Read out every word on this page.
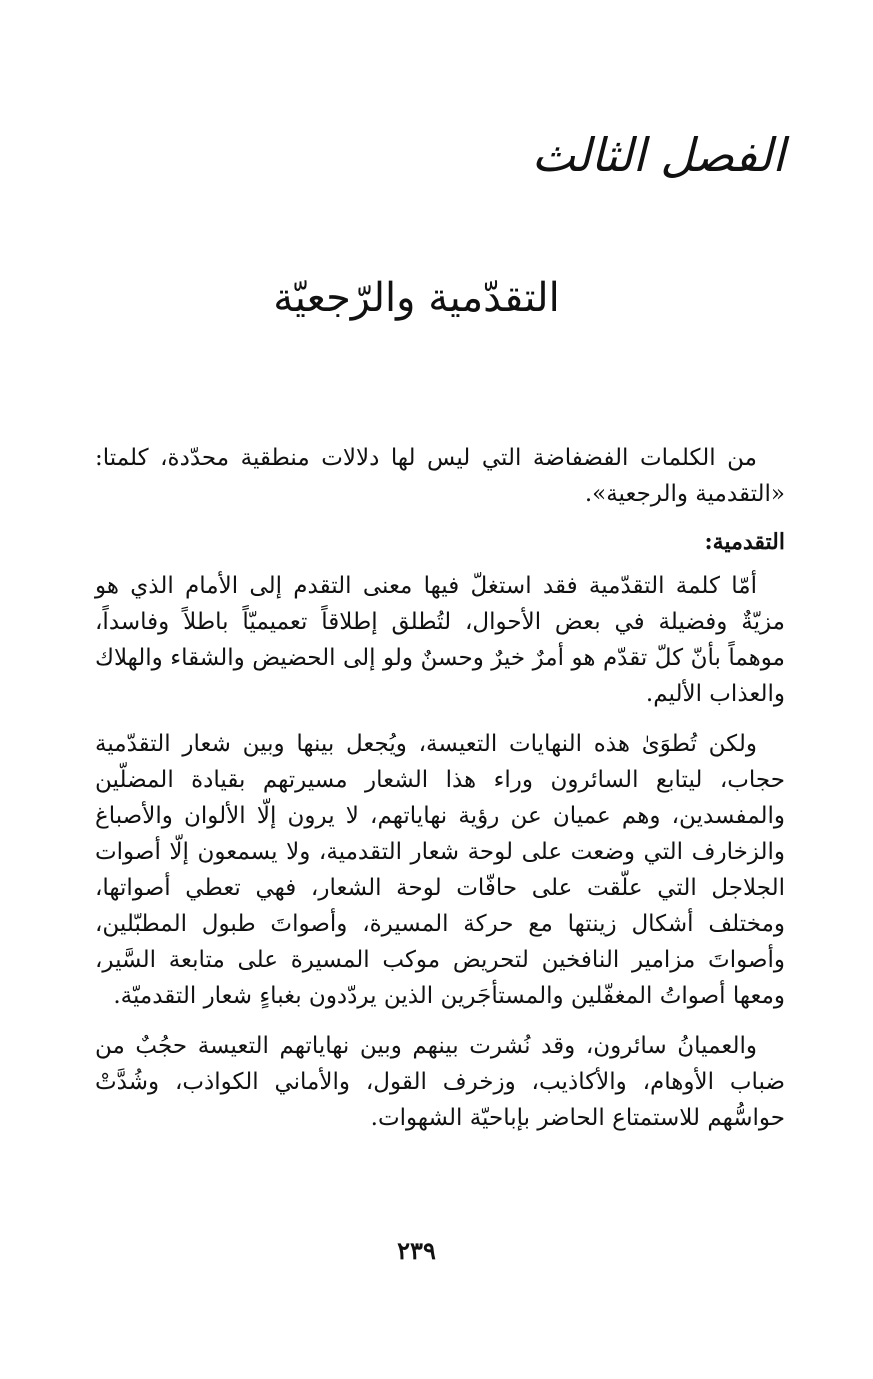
الفصل الثالث
التقدّمية والرّجعيّة

من الكلمات الفضفاضة التي ليس لها دلالات منطقية محدّدة، كلمتا: «التقدمية والرجعية».

التقدمية:

أمّا كلمة التقدّمية فقد استغلّ فيها معنى التقدم إلى الأمام الذي هو مزيّةٌ وفضيلة في بعض الأحوال، لتُطلق إطلاقاً تعميميّاً باطلاً وفاسداً، موهماً بأنّ كلّ تقدّم هو أمرٌ خيرٌ وحسنٌ ولو إلى الحضيض والشقاء والهلاك والعذاب الأليم.

ولكن تُطوَىٰ هذه النهايات التعيسة، ويُجعل بينها وبين شعار التقدّمية حجاب، ليتابع السائرون وراء هذا الشعار مسيرتهم بقيادة المضلّين والمفسدين، وهم عميان عن رؤية نهاياتهم، لا يرون إلّا الألوان والأصباغ والزخارف التي وضعت على لوحة شعار التقدمية، ولا يسمعون إلّا أصوات الجلاجل التي علّقت على حافّات لوحة الشعار، فهي تعطي أصواتها، ومختلف أشكال زينتها مع حركة المسيرة، وأصواتَ طبول المطبّلين، وأصواتَ مزامير النافخين لتحريض موكب المسيرة على متابعة السَّير، ومعها أصواتُ المغفّلين والمستأجَرين الذين يردّدون بغباءٍ شعار التقدميّة.

والعميانُ سائرون، وقد نُشرت بينهم وبين نهاياتهم التعيسة حجُبٌ من ضباب الأوهام، والأكاذيب، وزخرف القول، والأماني الكواذب، وشُدَّتْ حواسُّهم للاستمتاع الحاضر بإباحيّة الشهوات.

٢٣٩
